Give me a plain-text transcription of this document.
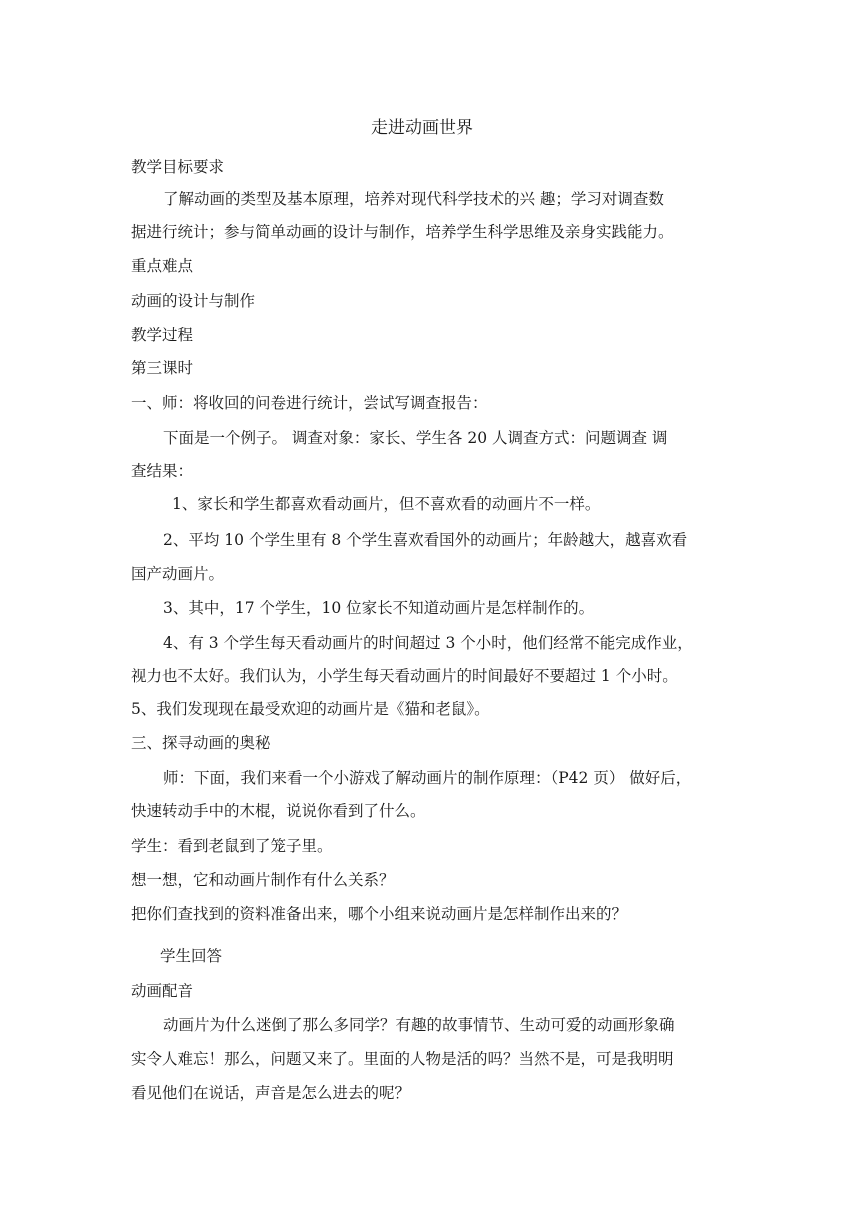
走进动画世界
教学目标要求
了解动画的类型及基本原理，培养对现代科学技术的兴 趣；学习对调查数
据进行统计；参与简单动画的设计与制作，培养学生科学思维及亲身实践能力。
重点难点
动画的设计与制作
教学过程
第三课时
一、师：将收回的问卷进行统计，尝试写调查报告：
下面是一个例子。 调查对象：家长、学生各 20 人调查方式：问题调查 调
查结果：
1、家长和学生都喜欢看动画片，但不喜欢看的动画片不一样。
2、平均 10 个学生里有 8 个学生喜欢看国外的动画片；年龄越大，越喜欢看
国产动画片。
3、其中，17 个学生，10 位家长不知道动画片是怎样制作的。
4、有 3 个学生每天看动画片的时间超过 3 个小时，他们经常不能完成作业，
视力也不太好。我们认为，小学生每天看动画片的时间最好不要超过 1 个小时。
5、我们发现现在最受欢迎的动画片是《猫和老鼠》。
三、探寻动画的奥秘
师：下面，我们来看一个小游戏了解动画片的制作原理：（P42 页） 做好后，
快速转动手中的木棍，说说你看到了什么。
学生：看到老鼠到了笼子里。
想一想，它和动画片制作有什么关系？
把你们查找到的资料准备出来，哪个小组来说动画片是怎样制作出来的？
学生回答
动画配音
动画片为什么迷倒了那么多同学？有趣的故事情节、生动可爱的动画形象确
实令人难忘！那么，问题又来了。里面的人物是活的吗？当然不是，可是我明明
看见他们在说话，声音是怎么进去的呢？
